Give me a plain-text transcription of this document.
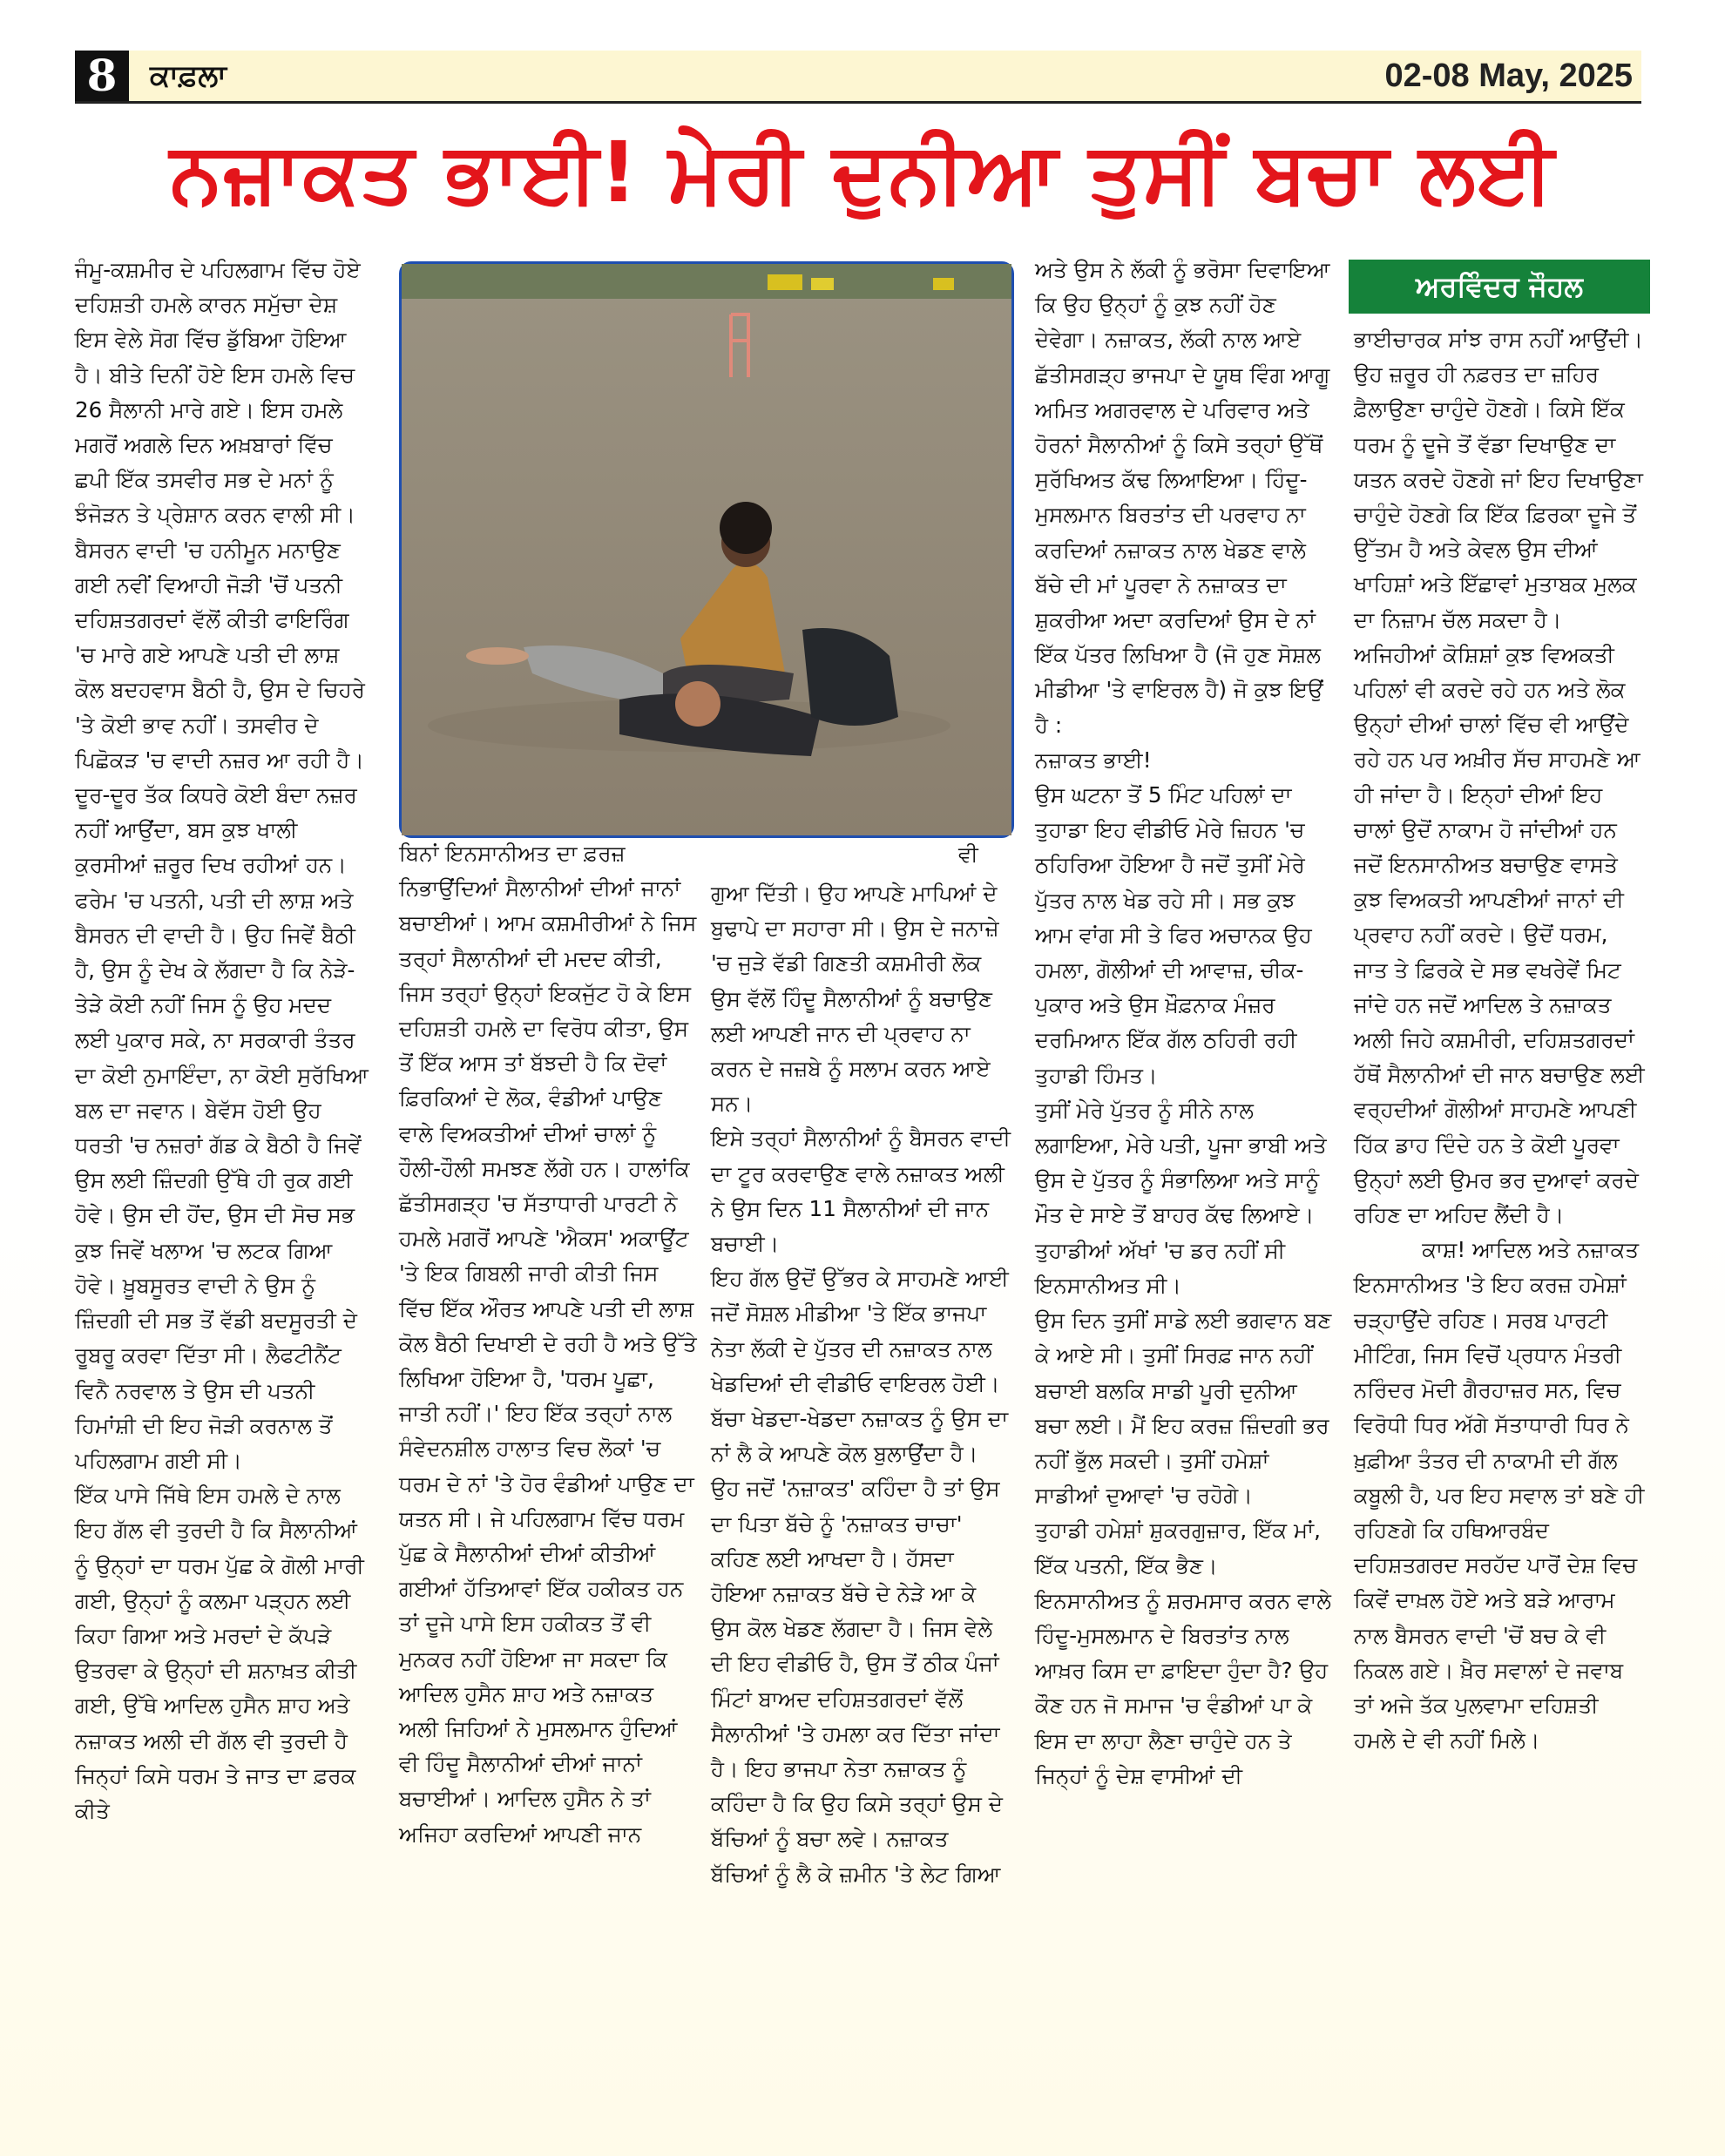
8	ਕਾਫ਼ਲਾ	02-08 May, 2025
ਨਜ਼ਾਕਤ ਭਾਈ! ਮੇਰੀ ਦੁਨੀਆ ਤੁਸੀਂ ਬਚਾ ਲਈ
ਜੰਮੂ-ਕਸ਼ਮੀਰ ਦੇ ਪਹਿਲਗਾਮ ਵਿੱਚ ਹੋਏ ਦਹਿਸ਼ਤੀ ਹਮਲੇ ਕਾਰਨ ਸਮੁੱਚਾ ਦੇਸ਼ ਇਸ ਵੇਲੇ ਸੋਗ ਵਿੱਚ ਡੁੱਬਿਆ ਹੋਇਆ ਹੈ। ਬੀਤੇ ਦਿਨੀਂ ਹੋਏ ਇਸ ਹਮਲੇ ਵਿਚ 26 ਸੈਲਾਨੀ ਮਾਰੇ ਗਏ। ਇਸ ਹਮਲੇ ਮਗਰੋਂ ਅਗਲੇ ਦਿਨ ਅਖ਼ਬਾਰਾਂ ਵਿੱਚ ਛਪੀ ਇੱਕ ਤਸਵੀਰ ਸਭ ਦੇ ਮਨਾਂ ਨੂੰ ਝੰਜੋੜਨ ਤੇ ਪ੍ਰੇਸ਼ਾਨ ਕਰਨ ਵਾਲੀ ਸੀ। ਬੈਸਰਨ ਵਾਦੀ 'ਚ ਹਨੀਮੂਨ ਮਨਾਉਣ ਗਈ ਨਵੀਂ ਵਿਆਹੀ ਜੋੜੀ 'ਚੋਂ ਪਤਨੀ ਦਹਿਸ਼ਤਗਰਦਾਂ ਵੱਲੋਂ ਕੀਤੀ ਫਾਇਰਿੰਗ 'ਚ ਮਾਰੇ ਗਏ ਆਪਣੇ ਪਤੀ ਦੀ ਲਾਸ਼ ਕੋਲ ਬਦਹਵਾਸ ਬੈਠੀ ਹੈ, ਉਸ ਦੇ ਚਿਹਰੇ 'ਤੇ ਕੋਈ ਭਾਵ ਨਹੀਂ। ਤਸਵੀਰ ਦੇ ਪਿਛੋਕੜ 'ਚ ਵਾਦੀ ਨਜ਼ਰ ਆ ਰਹੀ ਹੈ। ਦੂਰ-ਦੂਰ ਤੱਕ ਕਿਧਰੇ ਕੋਈ ਬੰਦਾ ਨਜ਼ਰ ਨਹੀਂ ਆਉਂਦਾ, ਬਸ ਕੁਝ ਖਾਲੀ ਕੁਰਸੀਆਂ ਜ਼ਰੂਰ ਦਿਖ ਰਹੀਆਂ ਹਨ। ਫਰੇਮ 'ਚ ਪਤਨੀ, ਪਤੀ ਦੀ ਲਾਸ਼ ਅਤੇ ਬੈਸਰਨ ਦੀ ਵਾਦੀ ਹੈ। ਉਹ ਜਿਵੇਂ ਬੈਠੀ ਹੈ, ਉਸ ਨੂੰ ਦੇਖ ਕੇ ਲੱਗਦਾ ਹੈ ਕਿ ਨੇੜੇ-ਤੇੜੇ ਕੋਈ ਨਹੀਂ ਜਿਸ ਨੂੰ ਉਹ ਮਦਦ ਲਈ ਪੁਕਾਰ ਸਕੇ, ਨਾ ਸਰਕਾਰੀ ਤੰਤਰ ਦਾ ਕੋਈ ਨੁਮਾਇੰਦਾ, ਨਾ ਕੋਈ ਸੁਰੱਖਿਆ ਬਲ ਦਾ ਜਵਾਨ। ਬੇਵੱਸ ਹੋਈ ਉਹ ਧਰਤੀ 'ਚ ਨਜ਼ਰਾਂ ਗੱਡ ਕੇ ਬੈਠੀ ਹੈ ਜਿਵੇਂ ਉਸ ਲਈ ਜ਼ਿੰਦਗੀ ਉੱਥੇ ਹੀ ਰੁਕ ਗਈ ਹੋਵੇ। ਉਸ ਦੀ ਹੋਂਦ, ਉਸ ਦੀ ਸੋਚ ਸਭ ਕੁਝ ਜਿਵੇਂ ਖਲਾਅ 'ਚ ਲਟਕ ਗਿਆ ਹੋਵੇ। ਖ਼ੂਬਸੂਰਤ ਵਾਦੀ ਨੇ ਉਸ ਨੂੰ ਜ਼ਿੰਦਗੀ ਦੀ ਸਭ ਤੋਂ ਵੱਡੀ ਬਦਸੂਰਤੀ ਦੇ ਰੂਬਰੂ ਕਰਵਾ ਦਿੱਤਾ ਸੀ। ਲੈਫਟੀਨੈਂਟ ਵਿਨੈ ਨਰਵਾਲ ਤੇ ਉਸ ਦੀ ਪਤਨੀ ਹਿਮਾਂਸ਼ੀ ਦੀ ਇਹ ਜੋੜੀ ਕਰਨਾਲ ਤੋਂ ਪਹਿਲਗਾਮ ਗਈ ਸੀ।
ਇੱਕ ਪਾਸੇ ਜਿੱਥੇ ਇਸ ਹਮਲੇ ਦੇ ਨਾਲ ਇਹ ਗੱਲ ਵੀ ਤੁਰਦੀ ਹੈ ਕਿ ਸੈਲਾਨੀਆਂ ਨੂੰ ਉਨ੍ਹਾਂ ਦਾ ਧਰਮ ਪੁੱਛ ਕੇ ਗੋਲੀ ਮਾਰੀ ਗਈ, ਉਨ੍ਹਾਂ ਨੂੰ ਕਲਮਾ ਪੜ੍ਹਨ ਲਈ ਕਿਹਾ ਗਿਆ ਅਤੇ ਮਰਦਾਂ ਦੇ ਕੱਪੜੇ ਉਤਰਵਾ ਕੇ ਉਨ੍ਹਾਂ ਦੀ ਸ਼ਨਾਖ਼ਤ ਕੀਤੀ ਗਈ, ਉੱਥੇ ਆਦਿਲ ਹੁਸੈਨ ਸ਼ਾਹ ਅਤੇ ਨਜ਼ਾਕਤ ਅਲੀ ਦੀ ਗੱਲ ਵੀ ਤੁਰਦੀ ਹੈ ਜਿਨ੍ਹਾਂ ਕਿਸੇ ਧਰਮ ਤੇ ਜਾਤ ਦਾ ਫ਼ਰਕ ਕੀਤੇ
ਬਿਨਾਂ ਇਨਸਾਨੀਅਤ ਦਾ ਫ਼ਰਜ਼ ਨਿਭਾਉਂਦਿਆਂ ਸੈਲਾਨੀਆਂ ਦੀਆਂ ਜਾਨਾਂ ਬਚਾਈਆਂ। ਆਮ ਕਸ਼ਮੀਰੀਆਂ ਨੇ ਜਿਸ ਤਰ੍ਹਾਂ ਸੈਲਾਨੀਆਂ ਦੀ ਮਦਦ ਕੀਤੀ, ਜਿਸ ਤਰ੍ਹਾਂ ਉਨ੍ਹਾਂ ਇਕਜੁੱਟ ਹੋ ਕੇ ਇਸ ਦਹਿਸ਼ਤੀ ਹਮਲੇ ਦਾ ਵਿਰੋਧ ਕੀਤਾ, ਉਸ ਤੋਂ ਇੱਕ ਆਸ ਤਾਂ ਬੱਝਦੀ ਹੈ ਕਿ ਦੋਵਾਂ ਫ਼ਿਰਕਿਆਂ ਦੇ ਲੋਕ, ਵੰਡੀਆਂ ਪਾਉਣ ਵਾਲੇ ਵਿਅਕਤੀਆਂ ਦੀਆਂ ਚਾਲਾਂ ਨੂੰ ਹੌਲੀ-ਹੌਲੀ ਸਮਝਣ ਲੱਗੇ ਹਨ। ਹਾਲਾਂਕਿ ਛੱਤੀਸਗੜ੍ਹ 'ਚ ਸੱਤਾਧਾਰੀ ਪਾਰਟੀ ਨੇ ਹਮਲੇ ਮਗਰੋਂ ਆਪਣੇ 'ਐਕਸ' ਅਕਾਊਂਟ 'ਤੇ ਇਕ ਗਿਬਲੀ ਜਾਰੀ ਕੀਤੀ ਜਿਸ ਵਿੱਚ ਇੱਕ ਔਰਤ ਆਪਣੇ ਪਤੀ ਦੀ ਲਾਸ਼ ਕੋਲ ਬੈਠੀ ਦਿਖਾਈ ਦੇ ਰਹੀ ਹੈ ਅਤੇ ਉੱਤੇ ਲਿਖਿਆ ਹੋਇਆ ਹੈ, 'ਧਰਮ ਪੂਛਾ, ਜਾਤੀ ਨਹੀਂ।' ਇਹ ਇੱਕ ਤਰ੍ਹਾਂ ਨਾਲ ਸੰਵੇਦਨਸ਼ੀਲ ਹਾਲਾਤ ਵਿਚ ਲੋਕਾਂ 'ਚ ਧਰਮ ਦੇ ਨਾਂ 'ਤੇ ਹੋਰ ਵੰਡੀਆਂ ਪਾਉਣ ਦਾ ਯਤਨ ਸੀ। ਜੇ ਪਹਿਲਗਾਮ ਵਿੱਚ ਧਰਮ ਪੁੱਛ ਕੇ ਸੈਲਾਨੀਆਂ ਦੀਆਂ ਕੀਤੀਆਂ ਗਈਆਂ ਹੱਤਿਆਵਾਂ ਇੱਕ ਹਕੀਕਤ ਹਨ ਤਾਂ ਦੂਜੇ ਪਾਸੇ ਇਸ ਹਕੀਕਤ ਤੋਂ ਵੀ ਮੁਨਕਰ ਨਹੀਂ ਹੋਇਆ ਜਾ ਸਕਦਾ ਕਿ ਆਦਿਲ ਹੁਸੈਨ ਸ਼ਾਹ ਅਤੇ ਨਜ਼ਾਕਤ ਅਲੀ ਜਿਹਿਆਂ ਨੇ ਮੁਸਲਮਾਨ ਹੁੰਦਿਆਂ ਵੀ ਹਿੰਦੂ ਸੈਲਾਨੀਆਂ ਦੀਆਂ ਜਾਨਾਂ ਬਚਾਈਆਂ। ਆਦਿਲ ਹੁਸੈਨ ਨੇ ਤਾਂ ਅਜਿਹਾ ਕਰਦਿਆਂ ਆਪਣੀ ਜਾਨ
ਵੀ
ਗੁਆ ਦਿੱਤੀ। ਉਹ ਆਪਣੇ ਮਾਪਿਆਂ ਦੇ ਬੁਢਾਪੇ ਦਾ ਸਹਾਰਾ ਸੀ। ਉਸ ਦੇ ਜਨਾਜ਼ੇ 'ਚ ਜੁੜੇ ਵੱਡੀ ਗਿਣਤੀ ਕਸ਼ਮੀਰੀ ਲੋਕ ਉਸ ਵੱਲੋਂ ਹਿੰਦੂ ਸੈਲਾਨੀਆਂ ਨੂੰ ਬਚਾਉਣ ਲਈ ਆਪਣੀ ਜਾਨ ਦੀ ਪ੍ਰਵਾਹ ਨਾ ਕਰਨ ਦੇ ਜਜ਼ਬੇ ਨੂੰ ਸਲਾਮ ਕਰਨ ਆਏ ਸਨ।
ਇਸੇ ਤਰ੍ਹਾਂ ਸੈਲਾਨੀਆਂ ਨੂੰ ਬੈਸਰਨ ਵਾਦੀ ਦਾ ਟੂਰ ਕਰਵਾਉਣ ਵਾਲੇ ਨਜ਼ਾਕਤ ਅਲੀ ਨੇ ਉਸ ਦਿਨ 11 ਸੈਲਾਨੀਆਂ ਦੀ ਜਾਨ ਬਚਾਈ।
ਇਹ ਗੱਲ ਉਦੋਂ ਉੱਭਰ ਕੇ ਸਾਹਮਣੇ ਆਈ ਜਦੋਂ ਸੋਸ਼ਲ ਮੀਡੀਆ 'ਤੇ ਇੱਕ ਭਾਜਪਾ ਨੇਤਾ ਲੱਕੀ ਦੇ ਪੁੱਤਰ ਦੀ ਨਜ਼ਾਕਤ ਨਾਲ ਖੇਡਦਿਆਂ ਦੀ ਵੀਡੀਓ ਵਾਇਰਲ ਹੋਈ। ਬੱਚਾ ਖੇਡਦਾ-ਖੇਡਦਾ ਨਜ਼ਾਕਤ ਨੂੰ ਉਸ ਦਾ ਨਾਂ ਲੈ ਕੇ ਆਪਣੇ ਕੋਲ ਬੁਲਾਉਂਦਾ ਹੈ। ਉਹ ਜਦੋਂ 'ਨਜ਼ਾਕਤ' ਕਹਿੰਦਾ ਹੈ ਤਾਂ ਉਸ ਦਾ ਪਿਤਾ ਬੱਚੇ ਨੂੰ 'ਨਜ਼ਾਕਤ ਚਾਚਾ' ਕਹਿਣ ਲਈ ਆਖਦਾ ਹੈ। ਹੱਸਦਾ ਹੋਇਆ ਨਜ਼ਾਕਤ ਬੱਚੇ ਦੇ ਨੇੜੇ ਆ ਕੇ ਉਸ ਕੋਲ ਖੇਡਣ ਲੱਗਦਾ ਹੈ। ਜਿਸ ਵੇਲੇ ਦੀ ਇਹ ਵੀਡੀਓ ਹੈ, ਉਸ ਤੋਂ ਠੀਕ ਪੰਜਾਂ ਮਿੰਟਾਂ ਬਾਅਦ ਦਹਿਸ਼ਤਗਰਦਾਂ ਵੱਲੋਂ ਸੈਲਾਨੀਆਂ 'ਤੇ ਹਮਲਾ ਕਰ ਦਿੱਤਾ ਜਾਂਦਾ ਹੈ। ਇਹ ਭਾਜਪਾ ਨੇਤਾ ਨਜ਼ਾਕਤ ਨੂੰ ਕਹਿੰਦਾ ਹੈ ਕਿ ਉਹ ਕਿਸੇ ਤਰ੍ਹਾਂ ਉਸ ਦੇ ਬੱਚਿਆਂ ਨੂੰ ਬਚਾ ਲਵੇ। ਨਜ਼ਾਕਤ ਬੱਚਿਆਂ ਨੂੰ ਲੈ ਕੇ ਜ਼ਮੀਨ 'ਤੇ ਲੇਟ ਗਿਆ
ਅਤੇ ਉਸ ਨੇ ਲੱਕੀ ਨੂੰ ਭਰੋਸਾ ਦਿਵਾਇਆ ਕਿ ਉਹ ਉਨ੍ਹਾਂ ਨੂੰ ਕੁਝ ਨਹੀਂ ਹੋਣ ਦੇਵੇਗਾ। ਨਜ਼ਾਕਤ, ਲੱਕੀ ਨਾਲ ਆਏ ਛੱਤੀਸਗੜ੍ਹ ਭਾਜਪਾ ਦੇ ਯੂਥ ਵਿੰਗ ਆਗੂ ਅਮਿਤ ਅਗਰਵਾਲ ਦੇ ਪਰਿਵਾਰ ਅਤੇ ਹੋਰਨਾਂ ਸੈਲਾਨੀਆਂ ਨੂੰ ਕਿਸੇ ਤਰ੍ਹਾਂ ਉੱਥੋਂ ਸੁਰੱਖਿਅਤ ਕੱਢ ਲਿਆਇਆ। ਹਿੰਦੂ-ਮੁਸਲਮਾਨ ਬਿਰਤਾਂਤ ਦੀ ਪਰਵਾਹ ਨਾ ਕਰਦਿਆਂ ਨਜ਼ਾਕਤ ਨਾਲ ਖੇਡਣ ਵਾਲੇ ਬੱਚੇ ਦੀ ਮਾਂ ਪੂਰਵਾ ਨੇ ਨਜ਼ਾਕਤ ਦਾ ਸ਼ੁਕਰੀਆ ਅਦਾ ਕਰਦਿਆਂ ਉਸ ਦੇ ਨਾਂ ਇੱਕ ਪੱਤਰ ਲਿਖਿਆ ਹੈ (ਜੋ ਹੁਣ ਸੋਸ਼ਲ ਮੀਡੀਆ 'ਤੇ ਵਾਇਰਲ ਹੈ) ਜੋ ਕੁਝ ਇਉਂ ਹੈ :
ਨਜ਼ਾਕਤ ਭਾਈ!
ਉਸ ਘਟਨਾ ਤੋਂ 5 ਮਿੰਟ ਪਹਿਲਾਂ ਦਾ ਤੁਹਾਡਾ ਇਹ ਵੀਡੀਓ ਮੇਰੇ ਜ਼ਿਹਨ 'ਚ ਠਹਿਰਿਆ ਹੋਇਆ ਹੈ ਜਦੋਂ ਤੁਸੀਂ ਮੇਰੇ ਪੁੱਤਰ ਨਾਲ ਖੇਡ ਰਹੇ ਸੀ। ਸਭ ਕੁਝ ਆਮ ਵਾਂਗ ਸੀ ਤੇ ਫਿਰ ਅਚਾਨਕ ਉਹ ਹਮਲਾ, ਗੋਲੀਆਂ ਦੀ ਆਵਾਜ਼, ਚੀਕ-ਪੁਕਾਰ ਅਤੇ ਉਸ ਖ਼ੌਫ਼ਨਾਕ ਮੰਜ਼ਰ ਦਰਮਿਆਨ ਇੱਕ ਗੱਲ ਠਹਿਰੀ ਰਹੀ ਤੁਹਾਡੀ ਹਿੰਮਤ।
ਤੁਸੀਂ ਮੇਰੇ ਪੁੱਤਰ ਨੂੰ ਸੀਨੇ ਨਾਲ ਲਗਾਇਆ, ਮੇਰੇ ਪਤੀ, ਪੂਜਾ ਭਾਬੀ ਅਤੇ ਉਸ ਦੇ ਪੁੱਤਰ ਨੂੰ ਸੰਭਾਲਿਆ ਅਤੇ ਸਾਨੂੰ ਮੌਤ ਦੇ ਸਾਏ ਤੋਂ ਬਾਹਰ ਕੱਢ ਲਿਆਏ। ਤੁਹਾਡੀਆਂ ਅੱਖਾਂ 'ਚ ਡਰ ਨਹੀਂ ਸੀ ਇਨਸਾਨੀਅਤ ਸੀ।
ਉਸ ਦਿਨ ਤੁਸੀਂ ਸਾਡੇ ਲਈ ਭਗਵਾਨ ਬਣ ਕੇ ਆਏ ਸੀ। ਤੁਸੀਂ ਸਿਰਫ਼ ਜਾਨ ਨਹੀਂ ਬਚਾਈ ਬਲਕਿ ਸਾਡੀ ਪੂਰੀ ਦੁਨੀਆ ਬਚਾ ਲਈ। ਮੈਂ ਇਹ ਕਰਜ਼ ਜ਼ਿੰਦਗੀ ਭਰ ਨਹੀਂ ਭੁੱਲ ਸਕਦੀ। ਤੁਸੀਂ ਹਮੇਸ਼ਾਂ ਸਾਡੀਆਂ ਦੁਆਵਾਂ 'ਚ ਰਹੋਗੇ।
ਤੁਹਾਡੀ ਹਮੇਸ਼ਾਂ ਸ਼ੁਕਰਗੁਜ਼ਾਰ, ਇੱਕ ਮਾਂ, ਇੱਕ ਪਤਨੀ, ਇੱਕ ਭੈਣ।
ਇਨਸਾਨੀਅਤ ਨੂੰ ਸ਼ਰਮਸਾਰ ਕਰਨ ਵਾਲੇ ਹਿੰਦੂ-ਮੁਸਲਮਾਨ ਦੇ ਬਿਰਤਾਂਤ ਨਾਲ ਆਖ਼ਰ ਕਿਸ ਦਾ ਫ਼ਾਇਦਾ ਹੁੰਦਾ ਹੈ? ਉਹ ਕੌਣ ਹਨ ਜੋ ਸਮਾਜ 'ਚ ਵੰਡੀਆਂ ਪਾ ਕੇ ਇਸ ਦਾ ਲਾਹਾ ਲੈਣਾ ਚਾਹੁੰਦੇ ਹਨ ਤੇ ਜਿਨ੍ਹਾਂ ਨੂੰ ਦੇਸ਼ ਵਾਸੀਆਂ ਦੀ
ਅਰਵਿੰਦਰ ਜੌਹਲ
ਭਾਈਚਾਰਕ ਸਾਂਝ ਰਾਸ ਨਹੀਂ ਆਉਂਦੀ। ਉਹ ਜ਼ਰੂਰ ਹੀ ਨਫ਼ਰਤ ਦਾ ਜ਼ਹਿਰ ਫ਼ੈਲਾਉਣਾ ਚਾਹੁੰਦੇ ਹੋਣਗੇ। ਕਿਸੇ ਇੱਕ ਧਰਮ ਨੂੰ ਦੂਜੇ ਤੋਂ ਵੱਡਾ ਦਿਖਾਉਣ ਦਾ ਯਤਨ ਕਰਦੇ ਹੋਣਗੇ ਜਾਂ ਇਹ ਦਿਖਾਉਣਾ ਚਾਹੁੰਦੇ ਹੋਣਗੇ ਕਿ ਇੱਕ ਫ਼ਿਰਕਾ ਦੂਜੇ ਤੋਂ ਉੱਤਮ ਹੈ ਅਤੇ ਕੇਵਲ ਉਸ ਦੀਆਂ ਖਾਹਿਸ਼ਾਂ ਅਤੇ ਇੱਛਾਵਾਂ ਮੁਤਾਬਕ ਮੁਲਕ ਦਾ ਨਿਜ਼ਾਮ ਚੱਲ ਸਕਦਾ ਹੈ। ਅਜਿਹੀਆਂ ਕੋਸ਼ਿਸ਼ਾਂ ਕੁਝ ਵਿਅਕਤੀ ਪਹਿਲਾਂ ਵੀ ਕਰਦੇ ਰਹੇ ਹਨ ਅਤੇ ਲੋਕ ਉਨ੍ਹਾਂ ਦੀਆਂ ਚਾਲਾਂ ਵਿੱਚ ਵੀ ਆਉਂਦੇ ਰਹੇ ਹਨ ਪਰ ਅਖ਼ੀਰ ਸੱਚ ਸਾਹਮਣੇ ਆ ਹੀ ਜਾਂਦਾ ਹੈ। ਇਨ੍ਹਾਂ ਦੀਆਂ ਇਹ ਚਾਲਾਂ ਉਦੋਂ ਨਾਕਾਮ ਹੋ ਜਾਂਦੀਆਂ ਹਨ ਜਦੋਂ ਇਨਸਾਨੀਅਤ ਬਚਾਉਣ ਵਾਸਤੇ ਕੁਝ ਵਿਅਕਤੀ ਆਪਣੀਆਂ ਜਾਨਾਂ ਦੀ ਪ੍ਰਵਾਹ ਨਹੀਂ ਕਰਦੇ। ਉਦੋਂ ਧਰਮ, ਜਾਤ ਤੇ ਫ਼ਿਰਕੇ ਦੇ ਸਭ ਵਖਰੇਵੇਂ ਮਿਟ ਜਾਂਦੇ ਹਨ ਜਦੋਂ ਆਦਿਲ ਤੇ ਨਜ਼ਾਕਤ ਅਲੀ ਜਿਹੇ ਕਸ਼ਮੀਰੀ, ਦਹਿਸ਼ਤਗਰਦਾਂ ਹੱਥੋਂ ਸੈਲਾਨੀਆਂ ਦੀ ਜਾਨ ਬਚਾਉਣ ਲਈ ਵਰ੍ਹਦੀਆਂ ਗੋਲੀਆਂ ਸਾਹਮਣੇ ਆਪਣੀ ਹਿੱਕ ਡਾਹ ਦਿੰਦੇ ਹਨ ਤੇ ਕੋਈ ਪੂਰਵਾ ਉਨ੍ਹਾਂ ਲਈ ਉਮਰ ਭਰ ਦੁਆਵਾਂ ਕਰਦੇ ਰਹਿਣ ਦਾ ਅਹਿਦ ਲੈਂਦੀ ਹੈ।
ਕਾਸ਼! ਆਦਿਲ ਅਤੇ ਨਜ਼ਾਕਤ ਇਨਸਾਨੀਅਤ 'ਤੇ ਇਹ ਕਰਜ਼ ਹਮੇਸ਼ਾਂ ਚੜ੍ਹਾਉਂਦੇ ਰਹਿਣ। ਸਰਬ ਪਾਰਟੀ ਮੀਟਿੰਗ, ਜਿਸ ਵਿਚੋਂ ਪ੍ਰਧਾਨ ਮੰਤਰੀ ਨਰਿੰਦਰ ਮੋਦੀ ਗੈਰਹਾਜ਼ਰ ਸਨ, ਵਿਚ ਵਿਰੋਧੀ ਧਿਰ ਅੱਗੇ ਸੱਤਾਧਾਰੀ ਧਿਰ ਨੇ ਖ਼ੁਫ਼ੀਆ ਤੰਤਰ ਦੀ ਨਾਕਾਮੀ ਦੀ ਗੱਲ ਕਬੂਲੀ ਹੈ, ਪਰ ਇਹ ਸਵਾਲ ਤਾਂ ਬਣੇ ਹੀ ਰਹਿਣਗੇ ਕਿ ਹਥਿਆਰਬੰਦ ਦਹਿਸ਼ਤਗਰਦ ਸਰਹੱਦ ਪਾਰੋਂ ਦੇਸ਼ ਵਿਚ ਕਿਵੇਂ ਦਾਖ਼ਲ ਹੋਏ ਅਤੇ ਬੜੇ ਆਰਾਮ ਨਾਲ ਬੈਸਰਨ ਵਾਦੀ 'ਚੋਂ ਬਚ ਕੇ ਵੀ ਨਿਕਲ ਗਏ। ਖ਼ੈਰ ਸਵਾਲਾਂ ਦੇ ਜਵਾਬ ਤਾਂ ਅਜੇ ਤੱਕ ਪੁਲਵਾਮਾ ਦਹਿਸ਼ਤੀ ਹਮਲੇ ਦੇ ਵੀ ਨਹੀਂ ਮਿਲੇ।
